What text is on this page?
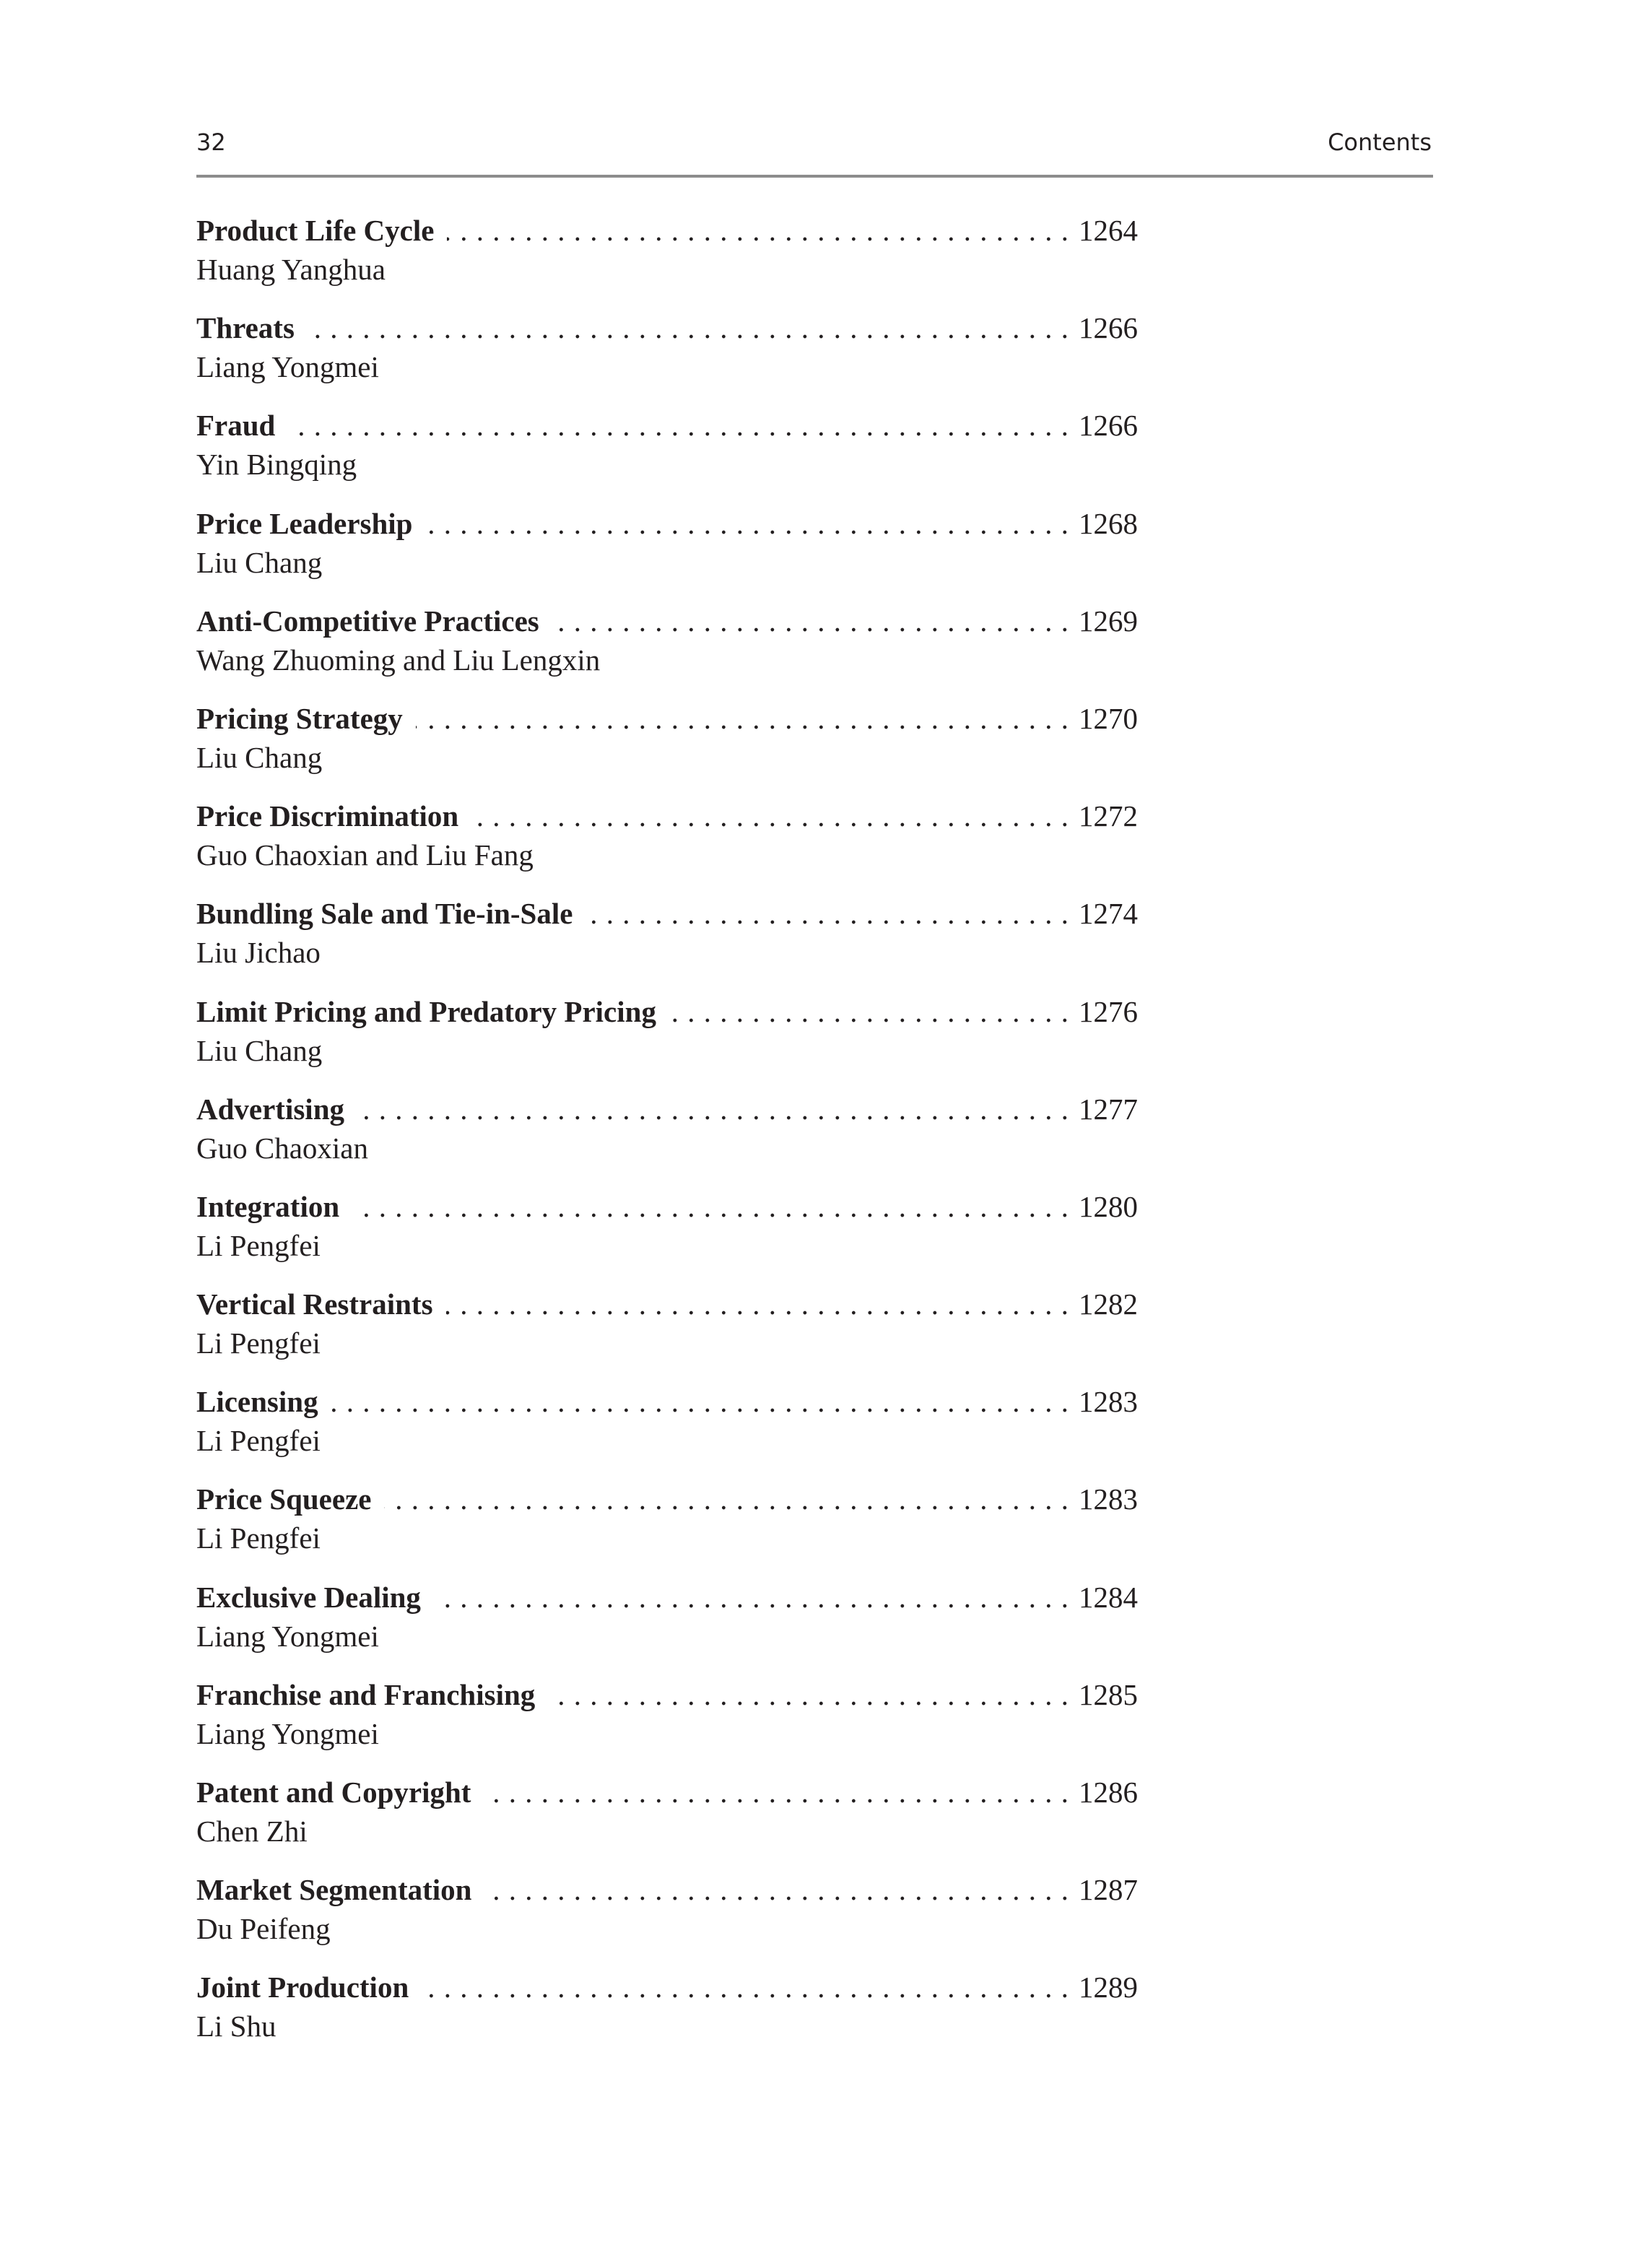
32	Contents
Product Life Cycle . . .	1264
Huang Yanghua
Threats . . .	1266
Liang Yongmei
Fraud . . .	1266
Yin Bingqing
Price Leadership . . .	1268
Liu Chang
Anti-Competitive Practices . . .	1269
Wang Zhuoming and Liu Lengxin
Pricing Strategy . . .	1270
Liu Chang
Price Discrimination . . .	1272
Guo Chaoxian and Liu Fang
Bundling Sale and Tie-in-Sale . . .	1274
Liu Jichao
Limit Pricing and Predatory Pricing . . .	1276
Liu Chang
Advertising . . .	1277
Guo Chaoxian
Integration . . .	1280
Li Pengfei
Vertical Restraints . . .	1282
Li Pengfei
Licensing . . .	1283
Li Pengfei
Price Squeeze . . .	1283
Li Pengfei
Exclusive Dealing . . .	1284
Liang Yongmei
Franchise and Franchising . . .	1285
Liang Yongmei
Patent and Copyright . . .	1286
Chen Zhi
Market Segmentation . . .	1287
Du Peifeng
Joint Production . . .	1289
Li Shu
